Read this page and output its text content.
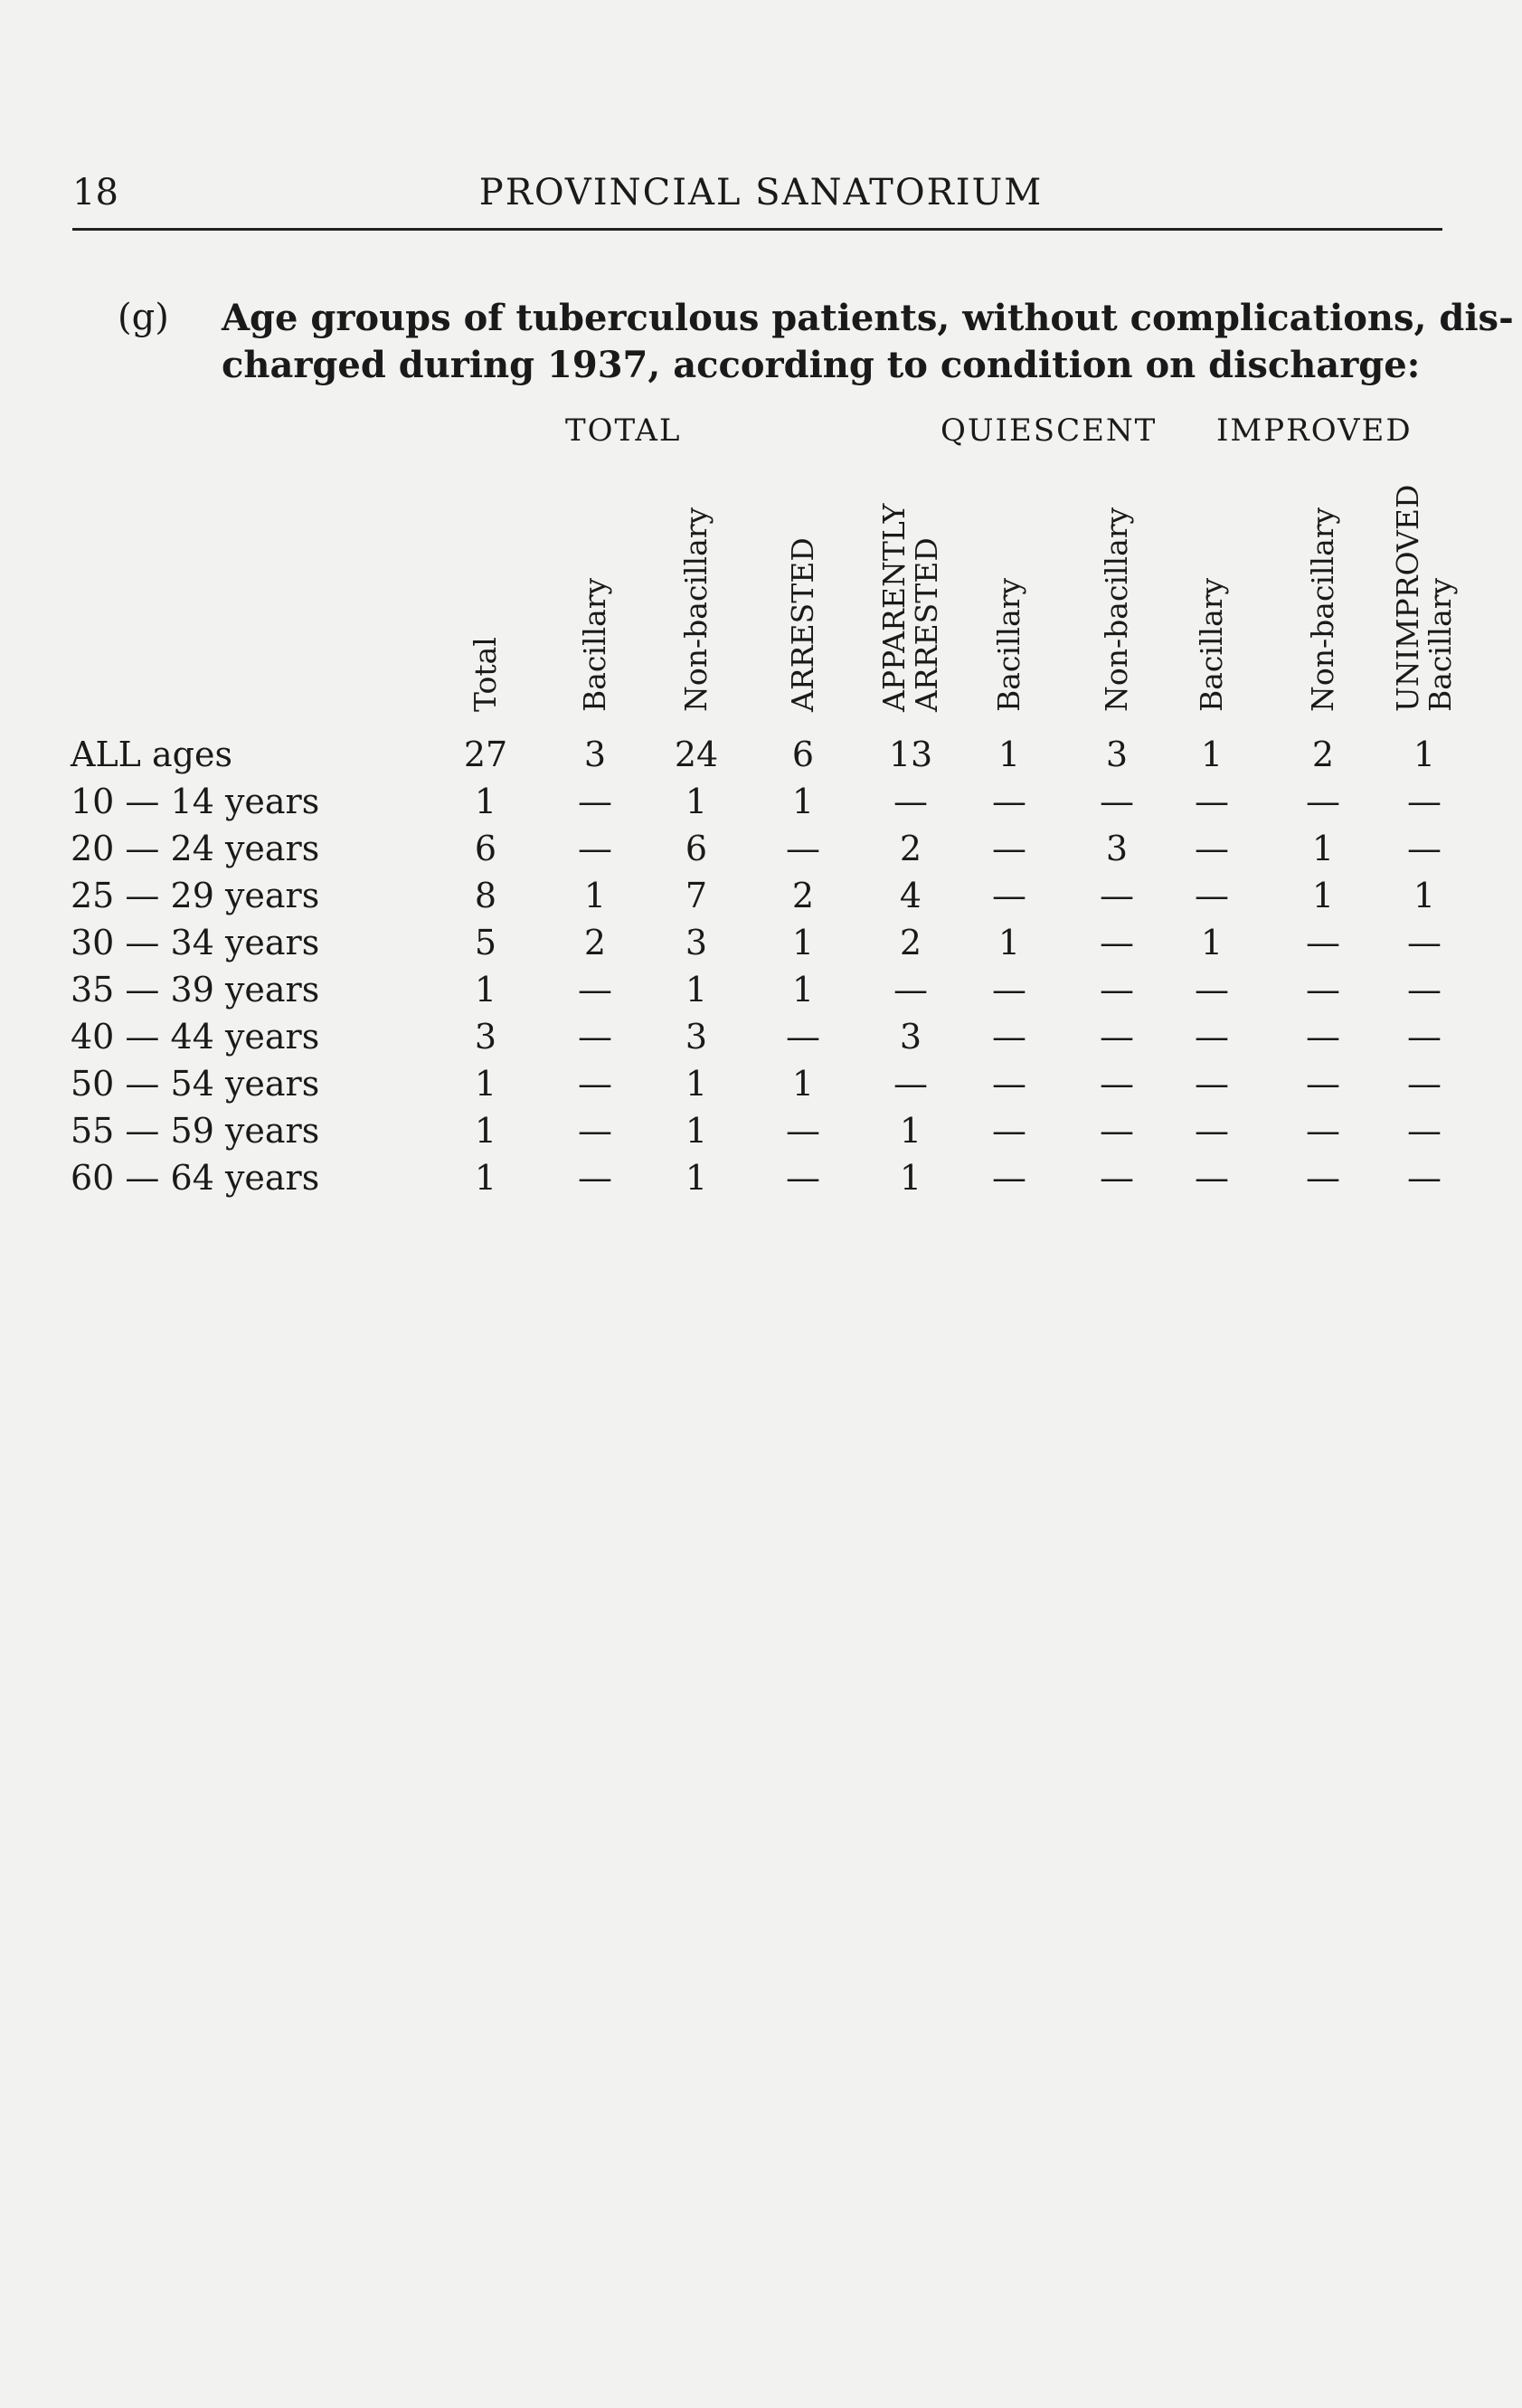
18	PROVINCIAL SANATORIUM
(g) Age groups of tuberculous patients, without complications, dis-
charged during 1937, according to condition on discharge:
TOTAL	QUIESCENT IMPROVED
Total Bacillary Non-bacillary ARRESTED APPARENTLY
ARRESTED Bacillary Non-bacillary Bacillary	Non-bacillary UNIMPROVED
Bacillary
ALL ages	27	3	24	6	13	1	3	1	2	1
10 — 14 years	1	—	1	1	—	—	—	—	—	—
20 — 24 years	6	—	6	—	2	—	3	—	1	—
25 — 29 years	8	1	7	2	4	—	—	—	1	1
30 — 34 years	5	2	3	1	2	1	—	1	—	—
35 — 39 years	1	—	1	1	—	—	—	—	—	—
40 — 44 years	3	—	3	—	3	—	—	—	—	—
50 — 54 years	1	—	1	1	—	—	—	—	—	—
55 — 59 years	1	—	1	—	1	—	—	—	—	—
60 — 64 years	1	—	1	—	1	—	—	—	—	—
